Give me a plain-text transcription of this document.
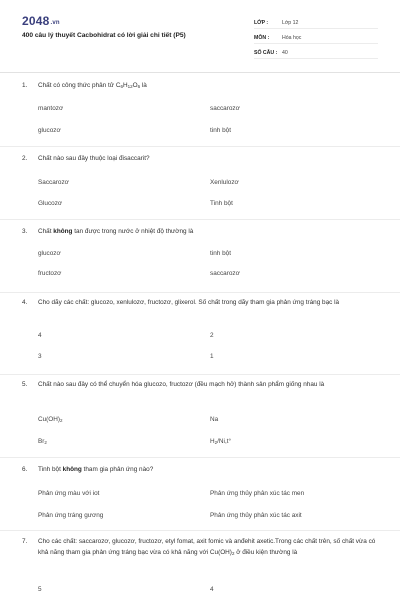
2048.vn
400 câu lý thuyết Cacbohidrat có lời giải chi tiết (P5)
LỚP :	Lớp 12
MÔN :	Hóa học
SỐ CÂU : 40
1. Chất có công thức phân tử $C_6H_{12}O_6$ là
mantozơ	saccarozơ
glucozơ	tinh bột
2. Chất nào sau đây thuộc loại đisaccarit?
Saccarozơ	Xenlulozơ
Glucozơ	Tinh bột
3. Chất không tan được trong nước ở nhiệt độ thường là
glucozơ	tinh bột
fructozơ	saccarozơ
4. Cho dãy các chất: glucozo, xenlulozơ, fructozơ, glixerol. Số chất trong dãy tham gia phản ứng tráng bạc là
4	2
3	1
5. Chất nào sau đây có thể chuyển hóa glucozo, fructozơ (đều mạch hở) thành sản phẩm giống nhau là
$Cu(OH)_2$	Na
$Br_2$	$H_2/Ni,t^\circ$
6. Tinh bột không tham gia phản ứng nào?
Phản ứng màu với iot	Phản ứng thủy phân xúc tác men
Phản ứng tráng gương	Phản ứng thủy phân xúc tác axit
7. Cho các chất: saccarozơ, glucozơ, fructozơ, etyl fomat, axit fomic và anđehit axetic.Trong các chất trên, số chất vừa có khả năng tham gia phản ứng tráng bạc vừa có khả năng với $Cu(OH)_2$ ở điều kiện thường là
5	4
